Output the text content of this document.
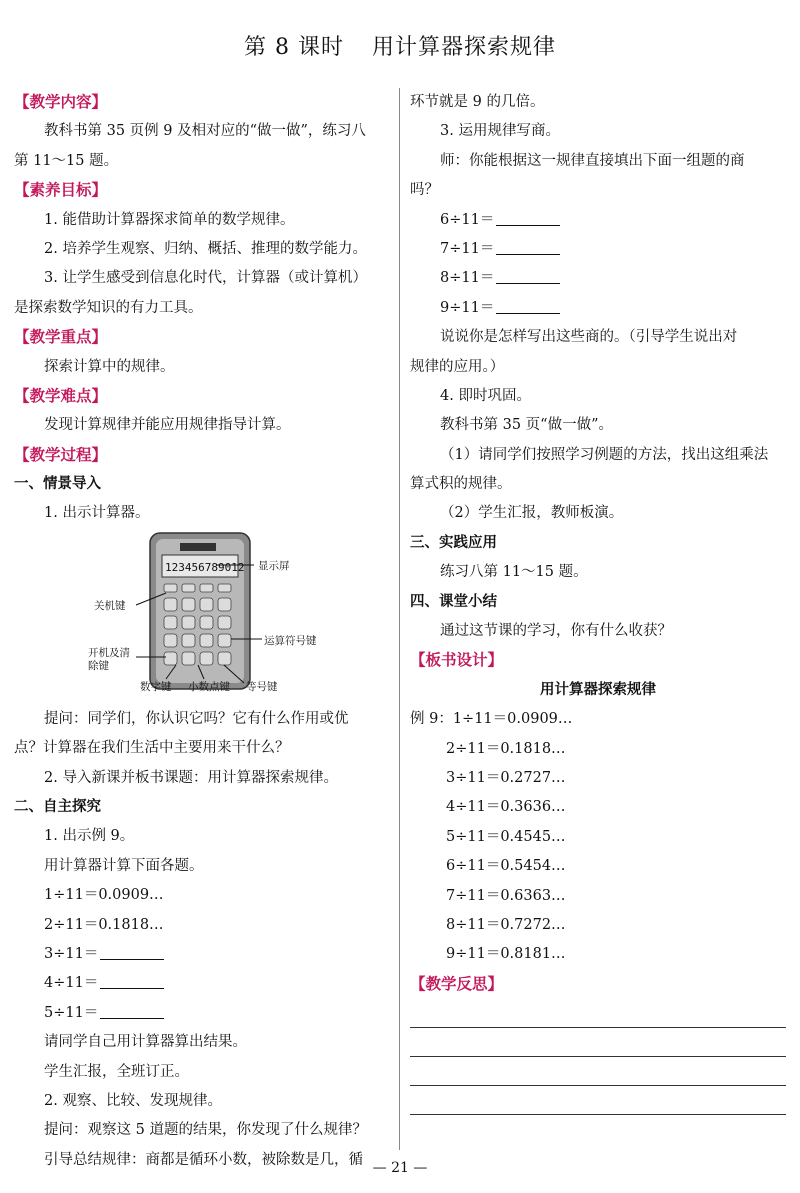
第 8 课时 用计算器探索规律
【教学内容】
教科书第 35 页例 9 及相对应的“做一做”，练习八
第 11～15 题。
【素养目标】
1. 能借助计算器探求简单的数学规律。
2. 培养学生观察、归纳、概括、推理的数学能力。
3. 让学生感受到信息化时代，计算器（或计算机）
是探索数学知识的有力工具。
【教学重点】
探索计算中的规律。
【教学难点】
发现计算规律并能应用规律指导计算。
【教学过程】
一、情景导入
1. 出示计算器。
123456789012 显示屏
关机键
开机及清除键
运算符号键
数字键 小数点键 等号键
提问：同学们，你认识它吗？它有什么作用或优
点？计算器在我们生活中主要用来干什么？
2. 导入新课并板书课题：用计算器探索规律。
二、自主探究
1. 出示例 9。
用计算器计算下面各题。
1÷11＝0.0909…
2÷11＝0.1818…
3÷11＝
4÷11＝
5÷11＝
请同学自己用计算器算出结果。
学生汇报，全班订正。
2. 观察、比较、发现规律。
提问：观察这 5 道题的结果，你发现了什么规律？
引导总结规律：商都是循环小数，被除数是几，循
环节就是 9 的几倍。
3. 运用规律写商。
师：你能根据这一规律直接填出下面一组题的商
吗？
6÷11＝
7÷11＝
8÷11＝
9÷11＝
说说你是怎样写出这些商的。（引导学生说出对
规律的应用。）
4. 即时巩固。
教科书第 35 页“做一做”。
（1）请同学们按照学习例题的方法，找出这组乘法
算式积的规律。
（2）学生汇报，教师板演。
三、实践应用
练习八第 11～15 题。
四、课堂小结
通过这节课的学习，你有什么收获？
【板书设计】
用计算器探索规律
例 9：1÷11＝0.0909…
2÷11＝0.1818…
3÷11＝0.2727…
4÷11＝0.3636…
5÷11＝0.4545…
6÷11＝0.5454…
7÷11＝0.6363…
8÷11＝0.7272…
9÷11＝0.8181…
【教学反思】
— 21 —
